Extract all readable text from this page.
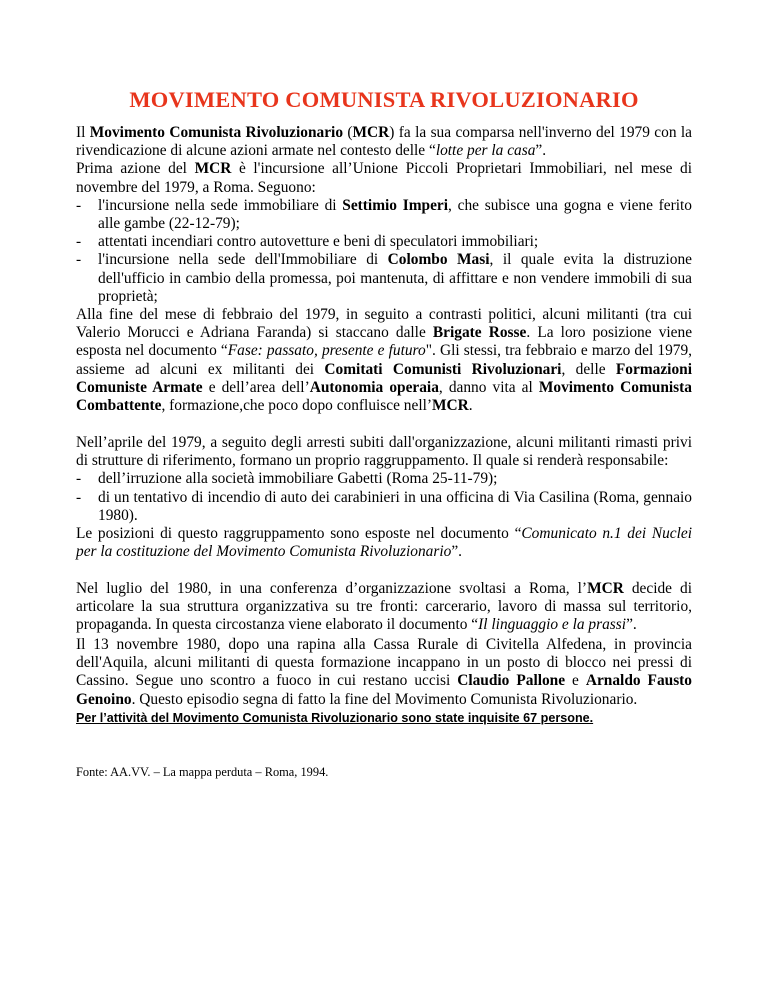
MOVIMENTO COMUNISTA RIVOLUZIONARIO

Il Movimento Comunista Rivoluzionario (MCR) fa la sua comparsa nell'inverno del 1979 con la rivendicazione di alcune azioni armate nel contesto delle “lotte per la casa”.

Prima azione del MCR è l'incursione all’Unione Piccoli Proprietari Immobiliari, nel mese di novembre del 1979, a Roma. Seguono:

- l'incursione nella sede immobiliare di Settimio Imperi, che subisce una gogna e viene ferito alle gambe (22-12-79);
- attentati incendiari contro autovetture e beni di speculatori immobiliari;
- l'incursione nella sede dell'Immobiliare di Colombo Masi, il quale evita la distruzione dell'ufficio in cambio della promessa, poi mantenuta, di affittare e non vendere immobili di sua proprietà;

Alla fine del mese di febbraio del 1979, in seguito a contrasti politici, alcuni militanti (tra cui Valerio Morucci e Adriana Faranda) si staccano dalle Brigate Rosse. La loro posizione viene esposta nel documento “Fase: passato, presente e futuro". Gli stessi, tra febbraio e marzo del 1979, assieme ad alcuni ex militanti dei Comitati Comunisti Rivoluzionari, delle Formazioni Comuniste Armate e dell’area dell’Autonomia operaia, danno vita al Movimento Comunista Combattente, formazione,che poco dopo confluisce nell’MCR.

Nell’aprile del 1979, a seguito degli arresti subiti dall'organizzazione, alcuni militanti rimasti privi di strutture di riferimento, formano un proprio raggruppamento. Il quale si renderà responsabile:

- dell’irruzione alla società immobiliare Gabetti (Roma 25-11-79);
- di un tentativo di incendio di auto dei carabinieri in una officina di Via Casilina (Roma, gennaio 1980).

Le posizioni di questo raggruppamento sono esposte nel documento “Comunicato n.1 dei Nuclei per la costituzione del Movimento Comunista Rivoluzionario”.

Nel luglio del 1980, in una conferenza d’organizzazione svoltasi a Roma, l’MCR decide di articolare la sua struttura organizzativa su tre fronti: carcerario, lavoro di massa sul territorio, propaganda. In questa circostanza viene elaborato il documento “Il linguaggio e la prassi”.

Il 13 novembre 1980, dopo una rapina alla Cassa Rurale di Civitella Alfedena, in provincia dell'Aquila, alcuni militanti di questa formazione incappano in un posto di blocco nei pressi di Cassino. Segue uno scontro a fuoco in cui restano uccisi Claudio Pallone e Arnaldo Fausto Genoino. Questo episodio segna di fatto la fine del Movimento Comunista Rivoluzionario.

Per l’attività del Movimento Comunista Rivoluzionario sono state inquisite 67 persone.

Fonte: AA.VV. – La mappa perduta – Roma, 1994.
